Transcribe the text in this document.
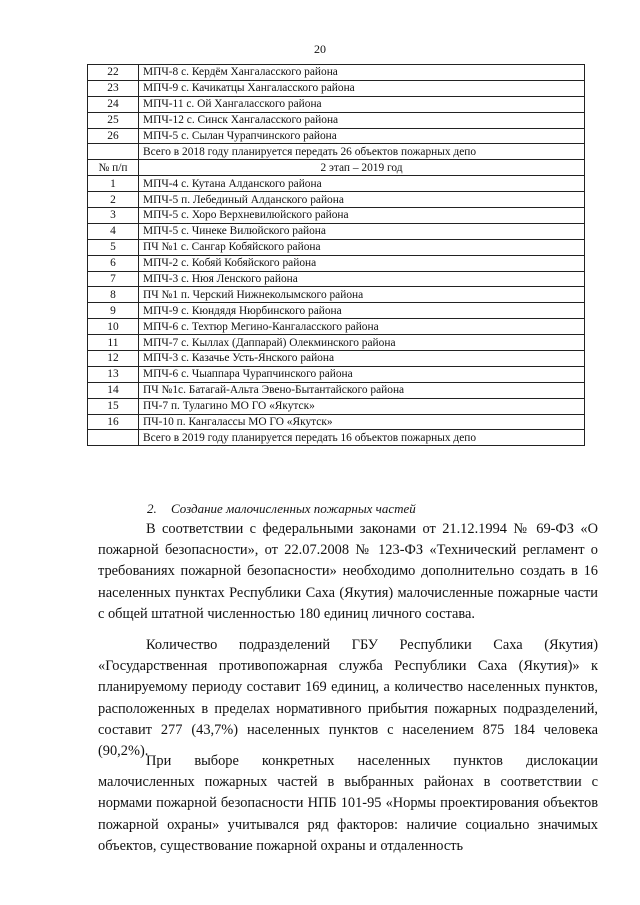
20
22	МПЧ-8 с. Кердём Хангаласского района
23	МПЧ-9 с. Качикатцы Хангаласского района
24	МПЧ-11 с. Ой Хангаласского района
25	МПЧ-12 с. Синск Хангаласского района
26	МПЧ-5 с. Сылан Чурапчинского района
	Всего в 2018 году планируется передать 26 объектов пожарных депо
№ п/п	2 этап – 2019 год
1	МПЧ-4 с. Кутана Алданского района
2	МПЧ-5 п. Лебединый Алданского района
3	МПЧ-5 с. Хоро Верхневилюйского района
4	МПЧ-5 с. Чинеке Вилюйского района
5	ПЧ №1 с. Сангар Кобяйского района
6	МПЧ-2 с. Кобяй Кобяйского района
7	МПЧ-3 с. Нюя Ленского района
8	ПЧ №1 п. Черский Нижнеколымского района
9	МПЧ-9 с. Кюндядя Нюрбинского района
10	МПЧ-6 с. Техтюр Мегино-Кангаласского района
11	МПЧ-7 с. Кыллах (Даппарай) Олекминского района
12	МПЧ-3 с. Казачье Усть-Янского района
13	МПЧ-6 с. Чыаппара Чурапчинского района
14	ПЧ №1с. Батагай-Альта Эвено-Бытантайского района
15	ПЧ-7 п. Тулагино МО ГО «Якутск»
16	ПЧ-10 п. Кангалассы МО ГО «Якутск»
	Всего в 2019 году планируется передать 16 объектов пожарных депо
2. Создание малочисленных пожарных частей

В соответствии с федеральными законами от 21.12.1994 № 69-ФЗ «О пожарной безопасности», от 22.07.2008 № 123-ФЗ «Технический регламент о требованиях пожарной безопасности» необходимо дополнительно создать в 16 населенных пунктах Республики Саха (Якутия) малочисленные пожарные части с общей штатной численностью 180 единиц личного состава.

Количество подразделений ГБУ Республики Саха (Якутия) «Государственная противопожарная служба Республики Саха (Якутия)» к планируемому периоду составит 169 единиц, а количество населенных пунктов, расположенных в пределах нормативного прибытия пожарных подразделений, составит 277 (43,7%) населенных пунктов с населением 875 184 человека (90,2%).

При выборе конкретных населенных пунктов дислокации малочисленных пожарных частей в выбранных районах в соответствии с нормами пожарной безопасности НПБ 101-95 «Нормы проектирования объектов пожарной охраны» учитывался ряд факторов: наличие социально значимых объектов, существование пожарной охраны и отдаленность
